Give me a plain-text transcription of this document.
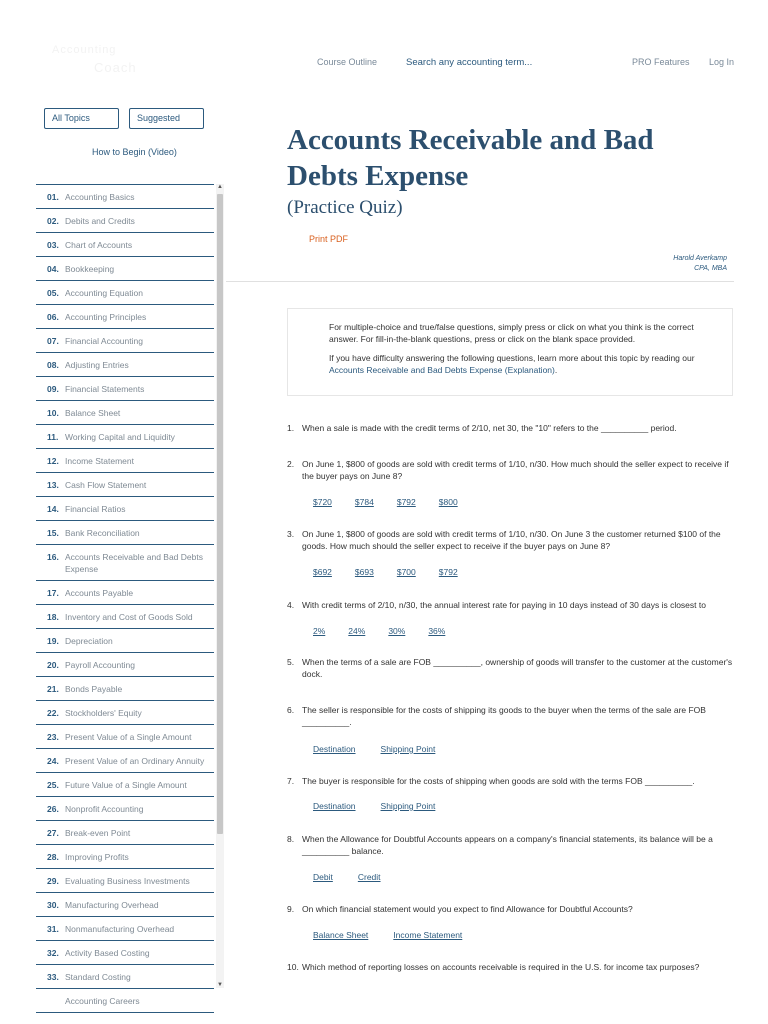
Accounting
Coach	Course Outline	Search any accounting term...	PRO Features Log In
All Topics	Suggested
How to Begin (Video)
01. Accounting Basics
02. Debits and Credits
03. Chart of Accounts
04. Bookkeeping
05. Accounting Equation
06. Accounting Principles
07. Financial Accounting
08. Adjusting Entries
09. Financial Statements
10. Balance Sheet
11. Working Capital and Liquidity
12. Income Statement
13. Cash Flow Statement
14. Financial Ratios
15. Bank Reconciliation
16. Accounts Receivable and Bad Debts Expense
17. Accounts Payable
18. Inventory and Cost of Goods Sold
19. Depreciation
20. Payroll Accounting
21. Bonds Payable
22. Stockholders' Equity
23. Present Value of a Single Amount
24. Present Value of an Ordinary Annuity
25. Future Value of a Single Amount
26. Nonprofit Accounting
27. Break-even Point
28. Improving Profits
29. Evaluating Business Investments
30. Manufacturing Overhead
31. Nonmanufacturing Overhead
32. Activity Based Costing
33. Standard Costing
Accounting Careers
▲
▼
Accounts Receivable and Bad Debts Expense
(Practice Quiz)
Print PDF
Harold Averkamp
CPA, MBA

For multiple-choice and true/false questions, simply press or click on what you think is the correct answer. For fill-in-the-blank questions, press or click on the blank space provided.

If you have difficulty answering the following questions, learn more about this topic by reading our Accounts Receivable and Bad Debts Expense (Explanation).

1. When a sale is made with the credit terms of 2/10, net 30, the "10" refers to the __________ period.
2. On June 1, $800 of goods are sold with credit terms of 1/10, n/30. How much should the seller expect to receive if the buyer pays on June 8?
$720	$784	$792	$800
3. On June 1, $800 of goods are sold with credit terms of 1/10, n/30. On June 3 the customer returned $100 of the goods. How much should the seller expect to receive if the buyer pays on June 8?
$692	$693	$700	$792
4. With credit terms of 2/10, n/30, the annual interest rate for paying in 10 days instead of 30 days is closest to
2%	24%	30%	36%
5. When the terms of a sale are FOB __________, ownership of goods will transfer to the customer at the customer's dock.
6. The seller is responsible for the costs of shipping its goods to the buyer when the terms of the sale are FOB __________.
Destination	Shipping Point
7. The buyer is responsible for the costs of shipping when goods are sold with the terms FOB __________.
Destination	Shipping Point
8. When the Allowance for Doubtful Accounts appears on a company's financial statements, its balance will be a __________ balance.
Debit	Credit
9. On which financial statement would you expect to find Allowance for Doubtful Accounts?
Balance Sheet	Income Statement
10. Which method of reporting losses on accounts receivable is required in the U.S. for income tax purposes?
